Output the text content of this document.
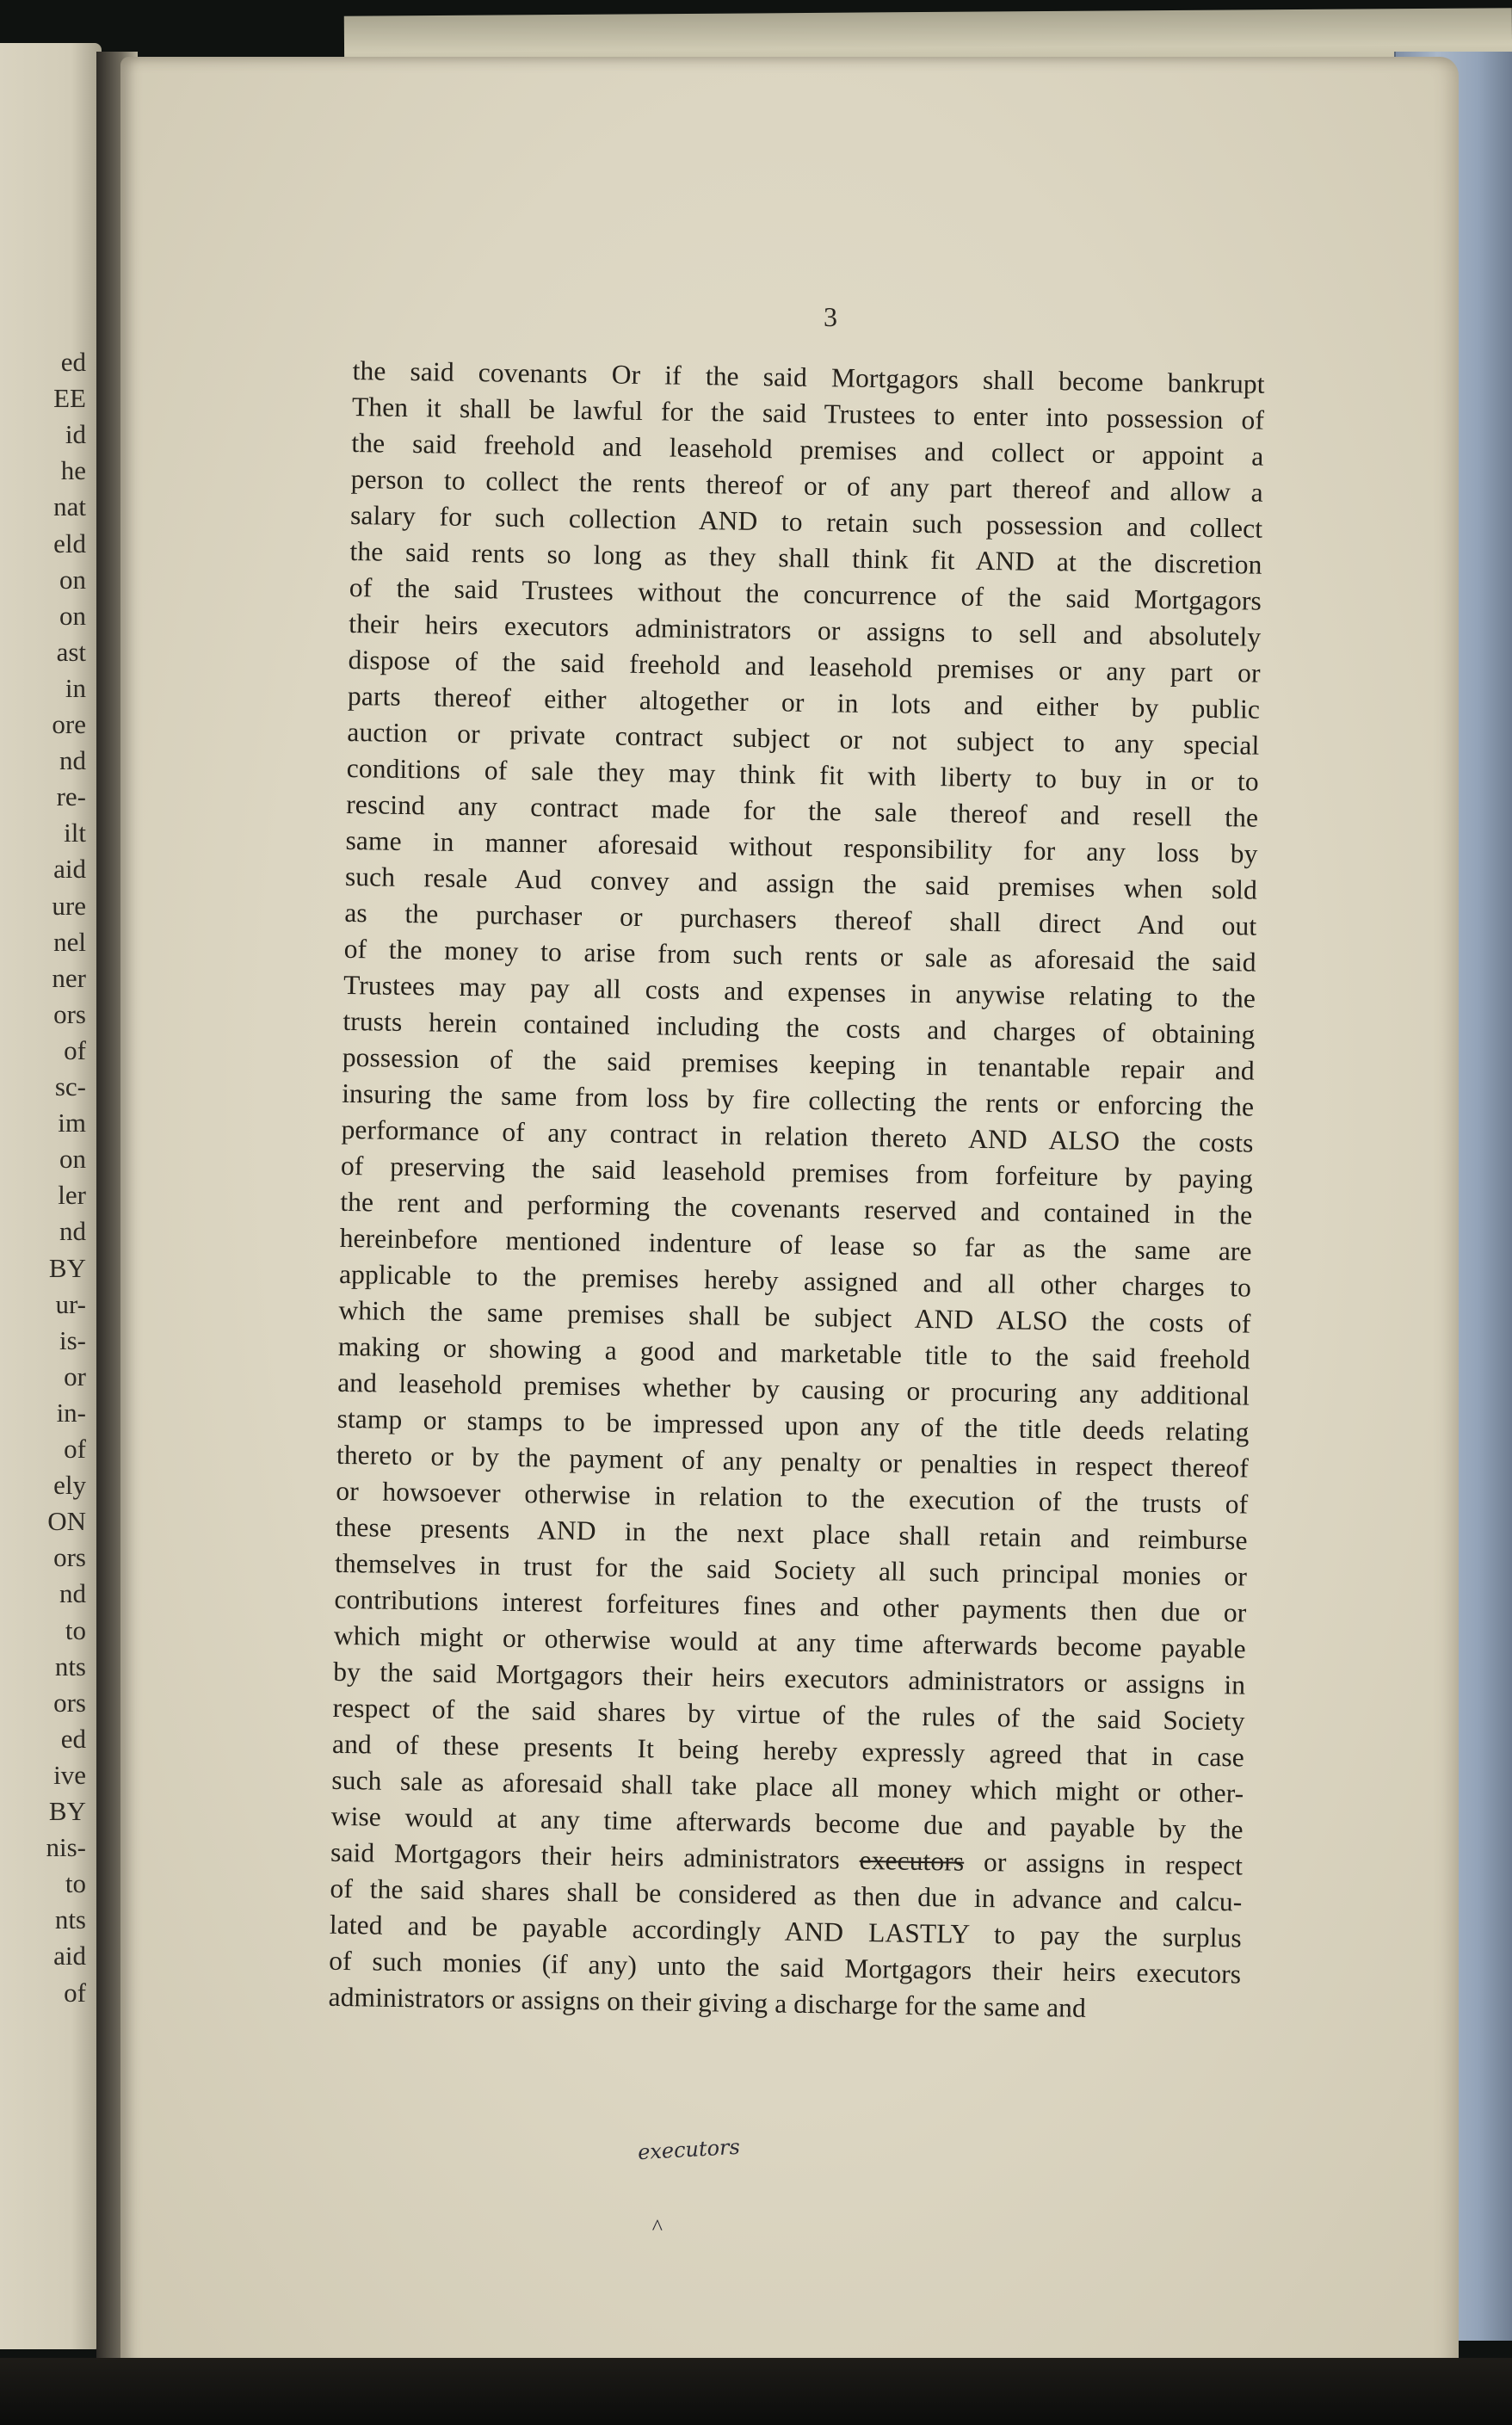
ed
EE
id
he
nat
eld
on
on
ast
in
ore
nd
re-
ilt
aid
ure
nel
ner
ors
of
sc-
im
on
ler
nd
BY
ur-
is-
or
in-
of
ely
ON
ors
nd
to
nts
ors
ed
ive
BY
nis-
to
nts
aid
of
3
the said covenants Or if the said Mortgagors shall become bankrupt
Then it shall be lawful for the said Trustees to enter into possession of
the said freehold and leasehold premises and collect or appoint a
person to collect the rents thereof or of any part thereof and allow a
salary for such collection AND to retain such possession and collect
the said rents so long as they shall think fit AND at the discretion
of the said Trustees without the concurrence of the said Mortgagors
their heirs executors administrators or assigns to sell and absolutely
dispose of the said freehold and leasehold premises or any part or
parts thereof either altogether or in lots and either by public
auction or private contract subject or not subject to any special
conditions of sale they may think fit with liberty to buy in or to
rescind any contract made for the sale thereof and resell the
same in manner aforesaid without responsibility for any loss by
such resale Aud convey and assign the said premises when sold
as the purchaser or purchasers thereof shall direct And out
of the money to arise from such rents or sale as aforesaid the said
Trustees may pay all costs and expenses in anywise relating to the
trusts herein contained including the costs and charges of obtaining
possession of the said premises keeping in tenantable repair and
insuring the same from loss by fire collecting the rents or enforcing the
performance of any contract in relation thereto AND ALSO the costs
of preserving the said leasehold premises from forfeiture by paying
the rent and performing the covenants reserved and contained in the
hereinbefore mentioned indenture of lease so far as the same are
applicable to the premises hereby assigned and all other charges to
which the same premises shall be subject AND ALSO the costs of
making or showing a good and marketable title to the said freehold
and leasehold premises whether by causing or procuring any additional
stamp or stamps to be impressed upon any of the title deeds relating
thereto or by the payment of any penalty or penalties in respect thereof
or howsoever otherwise in relation to the execution of the trusts of
these presents AND in the next place shall retain and reimburse
themselves in trust for the said Society all such principal monies or
contributions interest forfeitures fines and other payments then due or
which might or otherwise would at any time afterwards become payable
by the said Mortgagors their heirs executors administrators or assigns in
respect of the said shares by virtue of the rules of the said Society
and of these presents It being hereby expressly agreed that in case
such sale as aforesaid shall take place all money which might or other-
wise would at any time afterwards become due and payable by the
said Mortgagors their heirs administrators executors or assigns in respect
of the said shares shall be considered as then due in advance and calcu-
lated and be payable accordingly AND LASTLY to pay the surplus
of such monies (if any) unto the said Mortgagors their heirs executors
administrators or assigns on their giving a discharge for the same and
executors
^
